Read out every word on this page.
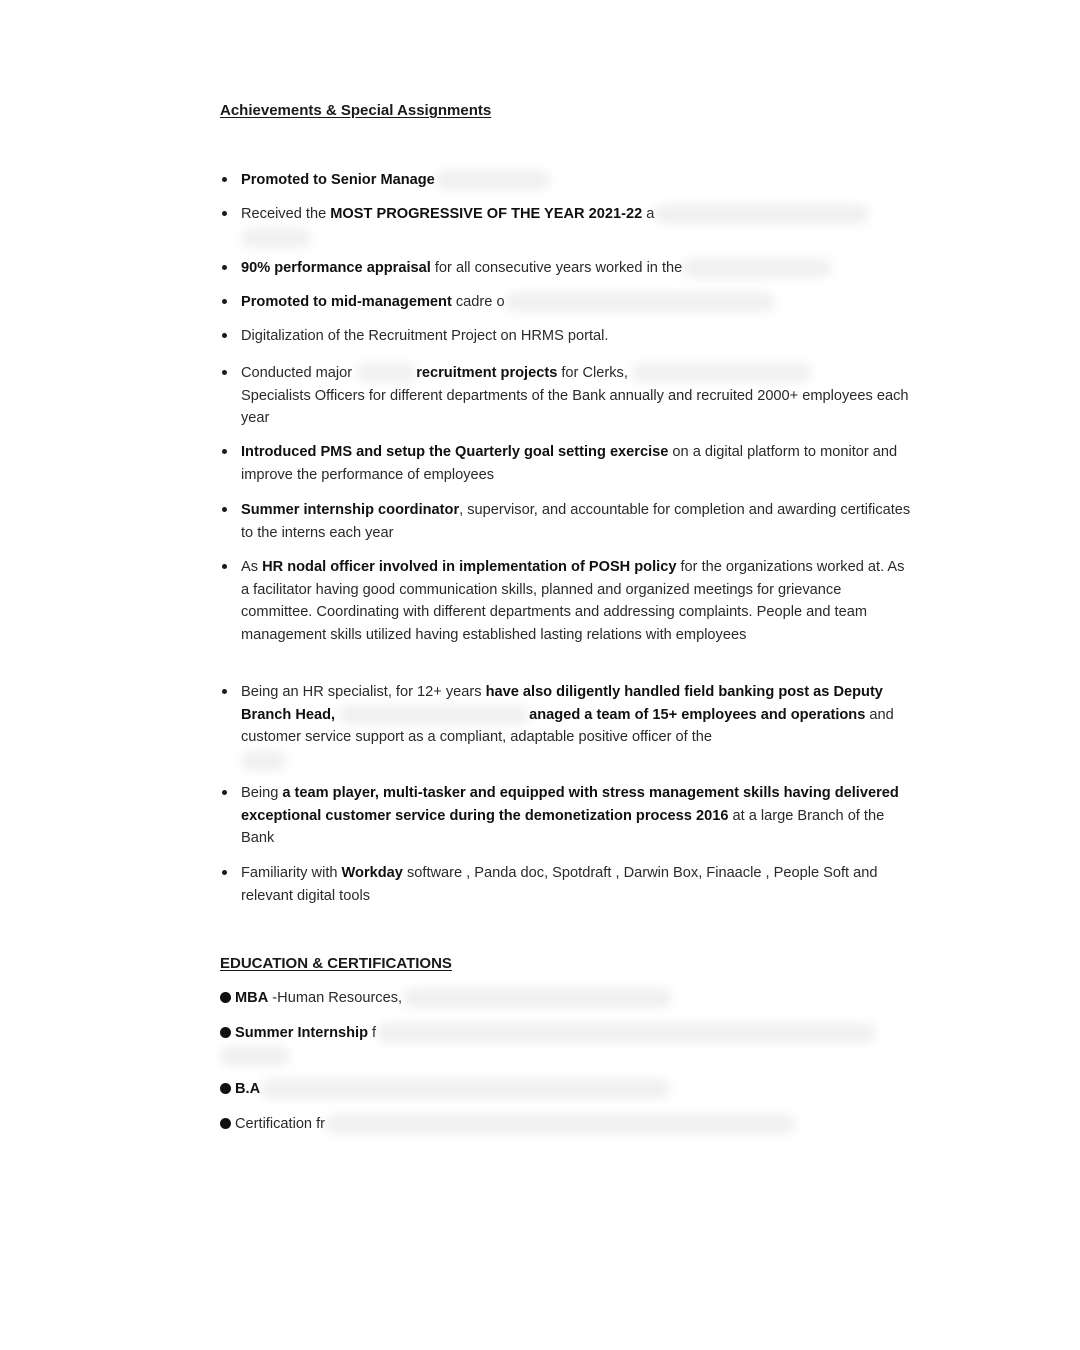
Achievements & Special Assignments
Promoted to Senior Manage
Received the MOST PROGRESSIVE OF THE YEAR 2021-22 a
90% performance appraisal for all consecutive years worked in the
Promoted to mid-management cadre o
Digitalization of the Recruitment Project on HRMS portal.
Conducted major	recruitment projects for Clerks,
Specialists Officers for different departments of the Bank annually and recruited 2000+ employees each year
Introduced PMS and setup the Quarterly goal setting exercise on a digital platform to monitor and improve the performance of employees
Summer internship coordinator, supervisor, and accountable for completion and awarding certificates to the interns each year
As HR nodal officer involved in implementation of POSH policy for the organizations worked at. As a facilitator having good communication skills, planned and organized meetings for grievance committee. Coordinating with different departments and addressing complaints. People and team management skills utilized having established lasting relations with employees
Being an HR specialist, for 12+ years have also diligently handled field banking post as Deputy Branch Head,	anaged a team of 15+ employees and operations and customer service support as a compliant, adaptable positive officer of the
Being a team player, multi-tasker and equipped with stress management skills having delivered exceptional customer service during the demonetization process 2016 at a large Branch of the Bank
Familiarity with Workday software , Panda doc, Spotdraft , Darwin Box, Finaacle , People Soft and relevant digital tools
EDUCATION & CERTIFICATIONS
MBA -Human Resources,
Summer Internship f
B.A
Certification fr
